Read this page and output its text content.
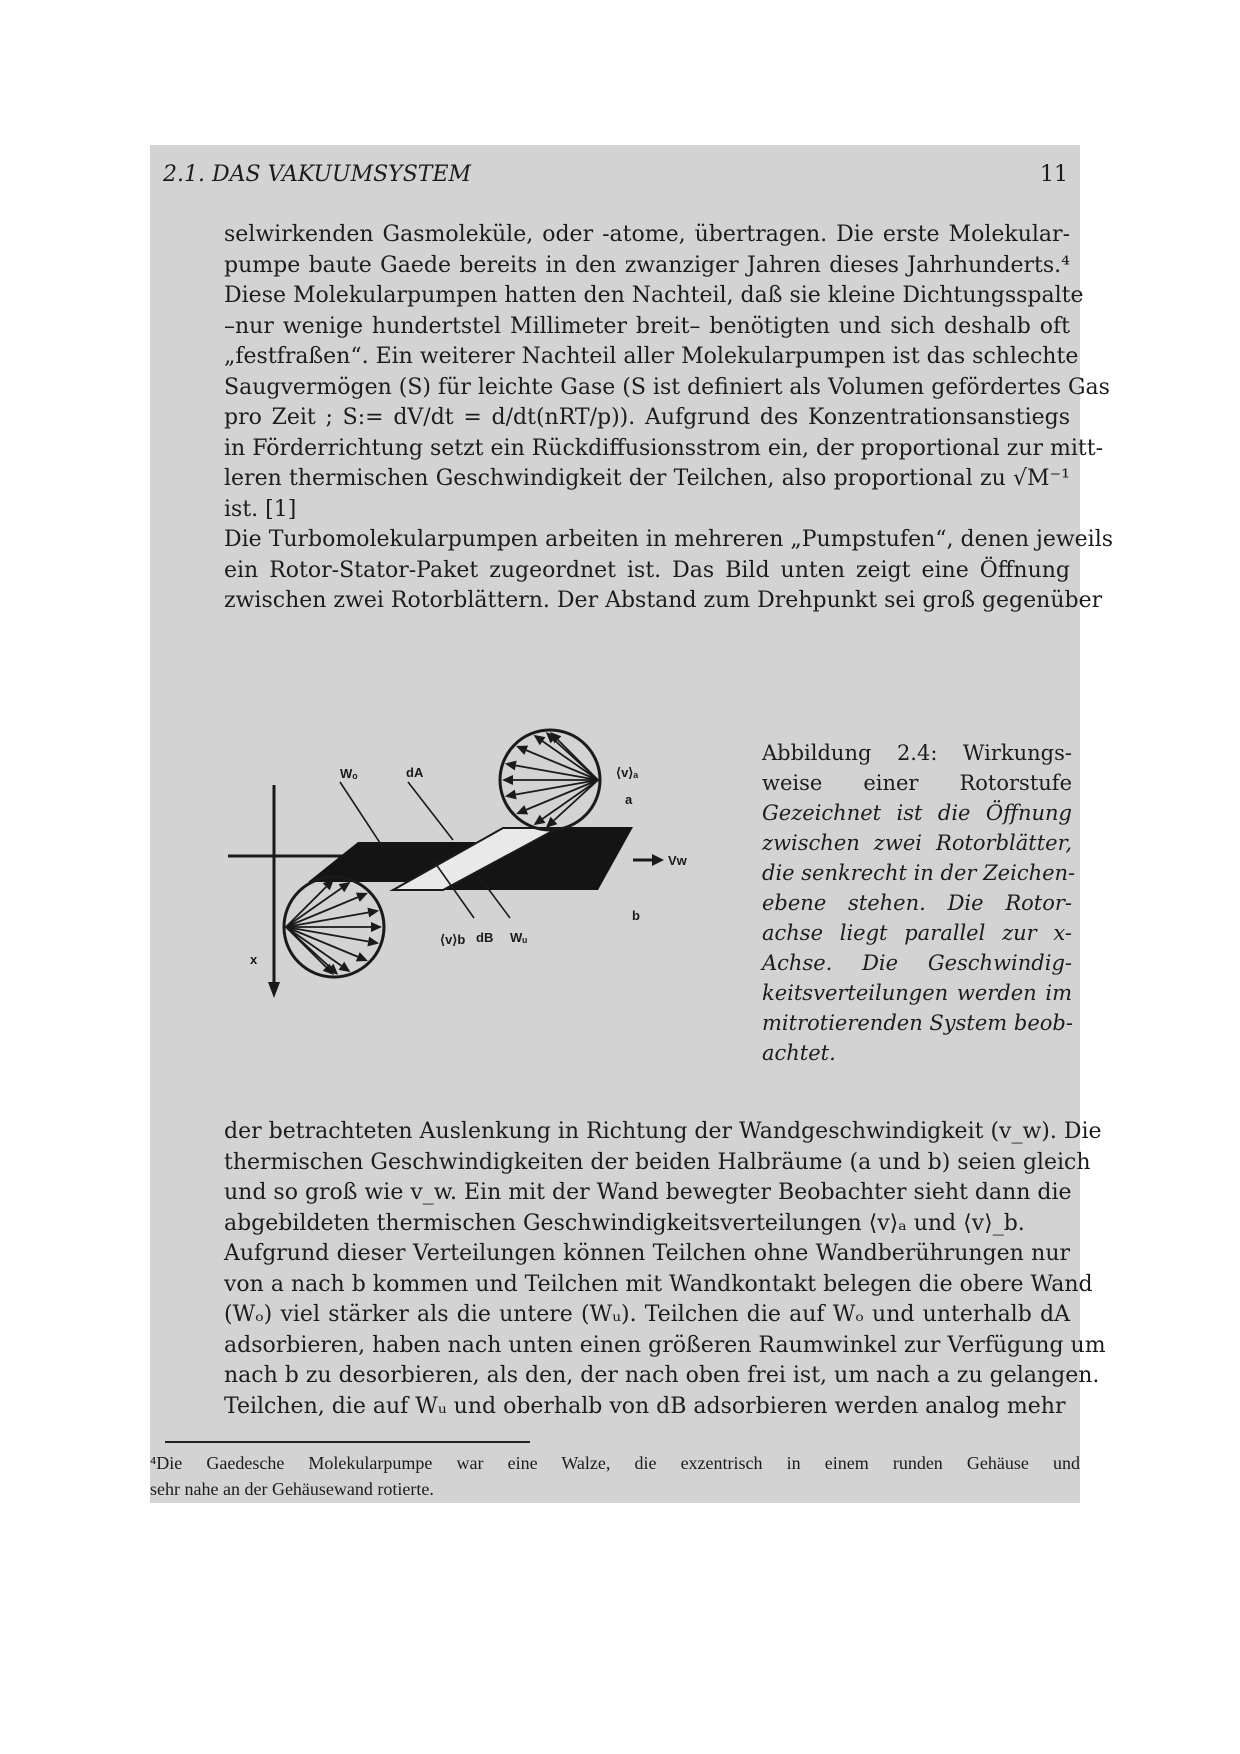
2.1. DAS VAKUUMSYSTEM	11
selwirkenden Gasmoleküle, oder -atome, übertragen. Die erste Molekular-
pumpe baute Gaede bereits in den zwanziger Jahren dieses Jahrhunderts.⁴
Diese Molekularpumpen hatten den Nachteil, daß sie kleine Dichtungsspalte
–nur wenige hundertstel Millimeter breit– benötigten und sich deshalb oft
„festfraßen“. Ein weiterer Nachteil aller Molekularpumpen ist das schlechte
Saugvermögen (S) für leichte Gase (S ist definiert als Volumen gefördertes Gas
pro Zeit ; S:= dV/dt = d/dt(nRT/p)). Aufgrund des Konzentrationsanstiegs
in Förderrichtung setzt ein Rückdiffusionsstrom ein, der proportional zur mitt-
leren thermischen Geschwindigkeit der Teilchen, also proportional zu √M⁻¹
ist. [1]
Die Turbomolekularpumpen arbeiten in mehreren „Pumpstufen“, denen jeweils
ein Rotor-Stator-Paket zugeordnet ist. Das Bild unten zeigt eine Öffnung
zwischen zwei Rotorblättern. Der Abstand zum Drehpunkt sei groß gegenüber
Wₒ	dA	⟨v⟩ₐ
a
Vw
b
⟨v⟩b dB Wᵤ
x
Abbildung 2.4: Wirkungs-
weise einer Rotorstufe
Gezeichnet ist die Öffnung
zwischen zwei Rotorblätter,
die senkrecht in der Zeichen-
ebene stehen. Die Rotor-
achse liegt parallel zur x-
Achse. Die Geschwindig-
keitsverteilungen werden im
mitrotierenden System beob-
achtet.
der betrachteten Auslenkung in Richtung der Wandgeschwindigkeit (v_w). Die
thermischen Geschwindigkeiten der beiden Halbräume (a und b) seien gleich
und so groß wie v_w. Ein mit der Wand bewegter Beobachter sieht dann die
abgebildeten thermischen Geschwindigkeitsverteilungen ⟨v⟩ₐ und ⟨v⟩_b.
Aufgrund dieser Verteilungen können Teilchen ohne Wandberührungen nur
von a nach b kommen und Teilchen mit Wandkontakt belegen die obere Wand
(Wₒ) viel stärker als die untere (Wᵤ). Teilchen die auf Wₒ und unterhalb dA
adsorbieren, haben nach unten einen größeren Raumwinkel zur Verfügung um
nach b zu desorbieren, als den, der nach oben frei ist, um nach a zu gelangen.
Teilchen, die auf Wᵤ und oberhalb von dB adsorbieren werden analog mehr
⁴Die Gaedesche Molekularpumpe war eine Walze, die exzentrisch in einem runden Gehäuse und
sehr nahe an der Gehäusewand rotierte.
